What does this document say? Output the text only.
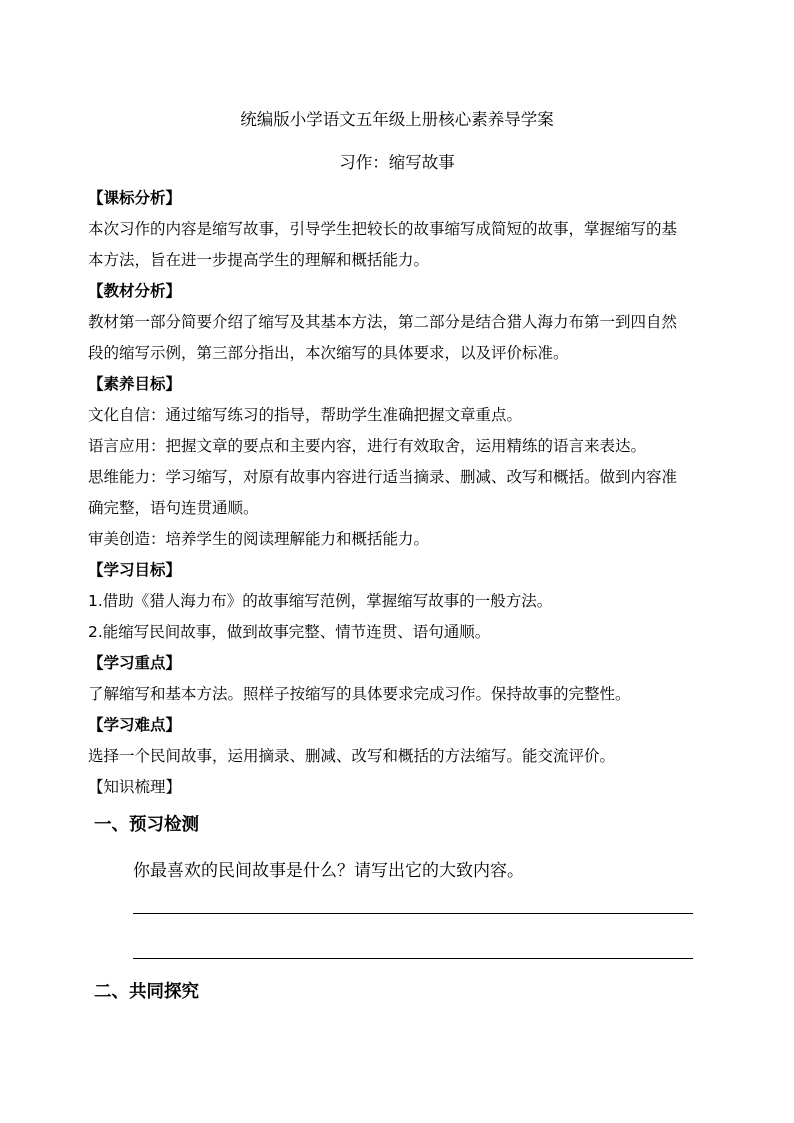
统编版小学语文五年级上册核心素养导学案
习作：缩写故事
【课标分析】
本次习作的内容是缩写故事，引导学生把较长的故事缩写成简短的故事，掌握缩写的基
本方法，旨在进一步提高学生的理解和概括能力。
【教材分析】
教材第一部分简要介绍了缩写及其基本方法，第二部分是结合猎人海力布第一到四自然
段的缩写示例，第三部分指出，本次缩写的具体要求，以及评价标准。
【素养目标】
文化自信：通过缩写练习的指导，帮助学生准确把握文章重点。
语言应用：把握文章的要点和主要内容，进行有效取舍，运用精练的语言来表达。
思维能力：学习缩写，对原有故事内容进行适当摘录、删减、改写和概括。做到内容准
确完整，语句连贯通顺。
审美创造：培养学生的阅读理解能力和概括能力。
【学习目标】
1.借助《猎人海力布》的故事缩写范例，掌握缩写故事的一般方法。
2.能缩写民间故事，做到故事完整、情节连贯、语句通顺。
【学习重点】
了解缩写和基本方法。照样子按缩写的具体要求完成习作。保持故事的完整性。
【学习难点】
选择一个民间故事，运用摘录、删减、改写和概括的方法缩写。能交流评价。
【知识梳理】
一、预习检测
你最喜欢的民间故事是什么？请写出它的大致内容。
二、共同探究
